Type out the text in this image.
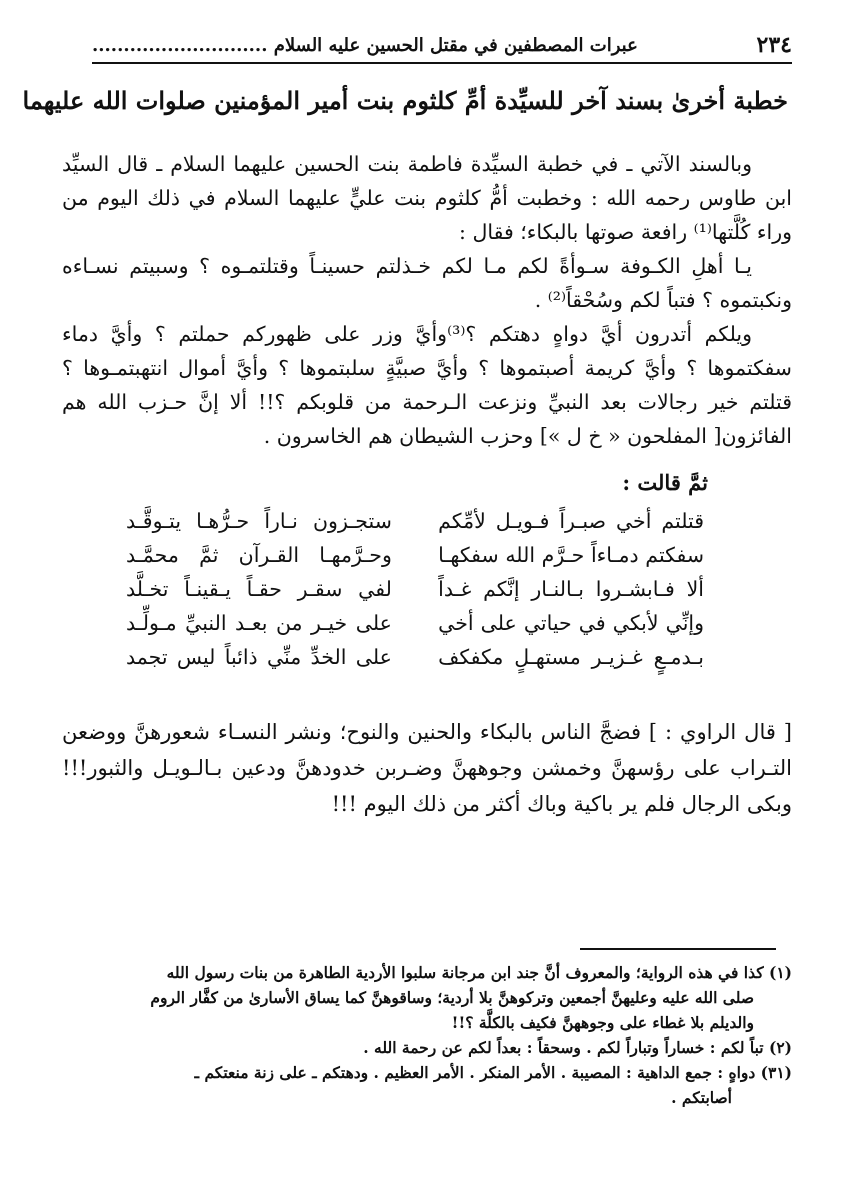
٢٣٤
عبرات المصطفين في مقتل الحسين عليه السلام ............................
خطبة أخرىٰ بسند آخر للسيِّدة أمِّ كلثوم بنت أمير المؤمنين صلوات الله عليهما

وبالسند الآتي ـ في خطبة السيِّدة فاطمة بنت الحسين عليهما السلام ـ قال السيِّد ابن طاوس رحمه الله : وخطبت أمُّ كلثوم بنت عليٍّ عليهما السلام في ذلك اليوم من وراء كُلَّتها⁽¹⁾ رافعة صوتها بالبكاء؛ فقال :

يـا أهلِ الكـوفة سـوأةً لكم مـا لكم خـذلتم حسينـاً وقتلتمـوه ؟ وسبيتم نسـاءه ونكبتموه ؟ فتباً لكم وسُحْقاً⁽²⁾ .

ويلكم أتدرون أيَّ دواهٍ دهتكم ؟⁽³⁾وأيَّ وزر على ظهوركم حملتم ؟ وأيَّ دماء سفكتموها ؟ وأيَّ كريمة أصبتموها ؟ وأيَّ صبيَّةٍ سلبتموها ؟ وأيَّ أموال انتهبتمـوها ؟ قتلتم خير رجالات بعد النبيِّ ونزعت الـرحمة من قلوبكم ؟!! ألا إنَّ حـزب الله هم الفائزون[ المفلحون « خ ل »] وحزب الشيطان هم الخاسرون .

ثمَّ قالت :
قتلتم أخي صبـراً فـويـل لأمِّكم
ستجـزون نـاراً حـرُّهـا يتـوقَّـد
سفكتم دمـاءاً حـرَّم الله سفكهـا
وحـرَّمهـا القـرآن ثمَّ محمَّـد
ألا فـابشـروا بـالنـار إنَّكم غـداً
لفي سقـر حقـاً يـقينـاً تخـلَّد
وإنِّي لأبكي في حياتي على أخي
على خيـر من بعـد النبيِّ مـولِّـد
بـدمـعٍ غـزيـر مستهـلٍ مكفكف
على الخدِّ منِّي ذائباً ليس تجمد

[ قال الراوي : ] فضجَّ الناس بالبكاء والحنين والنوح؛ ونشر النسـاء شعورهنَّ ووضعن التـراب على رؤسهنَّ وخمشن وجوههنَّ وضـربن خدودهنَّ ودعين بـالـويـل والثبور!!! وبكى الرجال فلم ير باكية وباك أكثر من ذلك اليوم !!!

(١) كذا في هذه الرواية؛ والمعروف أنَّ جند ابن مرجانة سلبوا الأردية الطاهرة من بنات رسول الله

صلى الله عليه وعليهنَّ أجمعين وتركوهنَّ بلا أردية؛ وساقوهنَّ كما يساق الأسارىٰ من كفَّار الروم

والديلم بلا غطاء على وجوههنَّ فكيف بالكلَّة ؟!!

(٢) تباً لكم : خساراً وتباراً لكم . وسحقاً : بعداً لكم عن رحمة الله .

(٣١) دواهٍ : جمع الداهية : المصيبة . الأمر المنكر . الأمر العظيم . ودهتكم ـ على زنة منعتكم ـ

أصابتكم .
